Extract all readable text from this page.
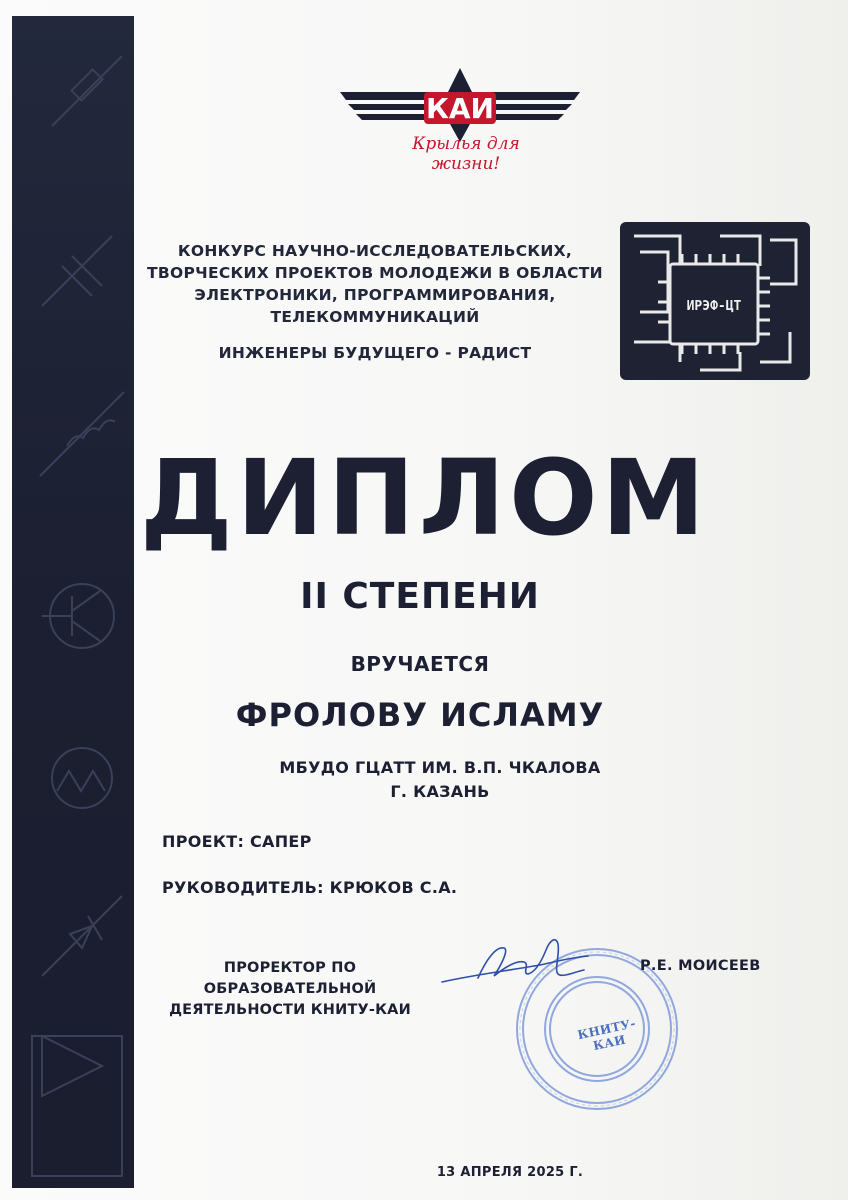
КАИ
Крылья для жизни!
КОНКУРС НАУЧНО-ИССЛЕДОВАТЕЛЬСКИХ, ТВОРЧЕСКИХ ПРОЕКТОВ МОЛОДЕЖИ В ОБЛАСТИ ЭЛЕКТРОНИКИ, ПРОГРАММИРОВАНИЯ, ТЕЛЕКОММУНИКАЦИЙ
ИНЖЕНЕРЫ БУДУЩЕГО - РАДИСТ
ИРЭФ-ЦТ
ДИПЛОМ
II СТЕПЕНИ
ВРУЧАЕТСЯ
ФРОЛОВУ ИСЛАМУ
МБУДО ГЦАТТ ИМ. В.П. ЧКАЛОВА
Г. КАЗАНЬ
ПРОЕКТ: САПЕР
РУКОВОДИТЕЛЬ: КРЮКОВ С.А.
ПРОРЕКТОР ПО ОБРАЗОВАТЕЛЬНОЙ ДЕЯТЕЛЬНОСТИ КНИТУ-КАИ
КНИТУ-КАИ
Р.Е. МОИСЕЕВ
13 АПРЕЛЯ 2025 Г.
